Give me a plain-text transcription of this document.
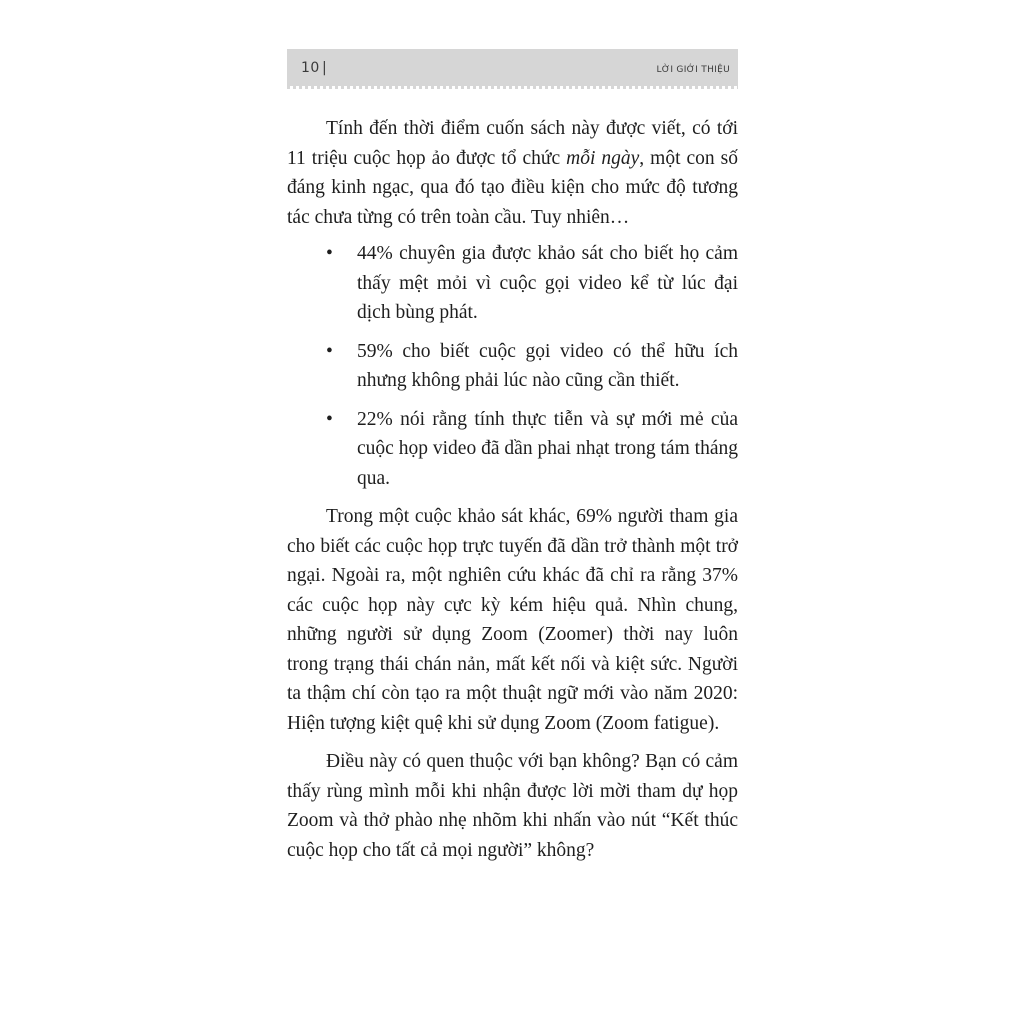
10 |	LỜI GIỚI THIỆU

Tính đến thời điểm cuốn sách này được viết, có tới 11 triệu cuộc họp ảo được tổ chức mỗi ngày, một con số đáng kinh ngạc, qua đó tạo điều kiện cho mức độ tương tác chưa từng có trên toàn cầu. Tuy nhiên…

• 44% chuyên gia được khảo sát cho biết họ cảm thấy mệt mỏi vì cuộc gọi video kể từ lúc đại dịch bùng phát.
• 59% cho biết cuộc gọi video có thể hữu ích nhưng không phải lúc nào cũng cần thiết.
• 22% nói rằng tính thực tiễn và sự mới mẻ của cuộc họp video đã dần phai nhạt trong tám tháng qua.

Trong một cuộc khảo sát khác, 69% người tham gia cho biết các cuộc họp trực tuyến đã dần trở thành một trở ngại. Ngoài ra, một nghiên cứu khác đã chỉ ra rằng 37% các cuộc họp này cực kỳ kém hiệu quả. Nhìn chung, những người sử dụng Zoom (Zoomer) thời nay luôn trong trạng thái chán nản, mất kết nối và kiệt sức. Người ta thậm chí còn tạo ra một thuật ngữ mới vào năm 2020: Hiện tượng kiệt quệ khi sử dụng Zoom (Zoom fatigue).

Điều này có quen thuộc với bạn không? Bạn có cảm thấy rùng mình mỗi khi nhận được lời mời tham dự họp Zoom và thở phào nhẹ nhõm khi nhấn vào nút “Kết thúc cuộc họp cho tất cả mọi người” không?
